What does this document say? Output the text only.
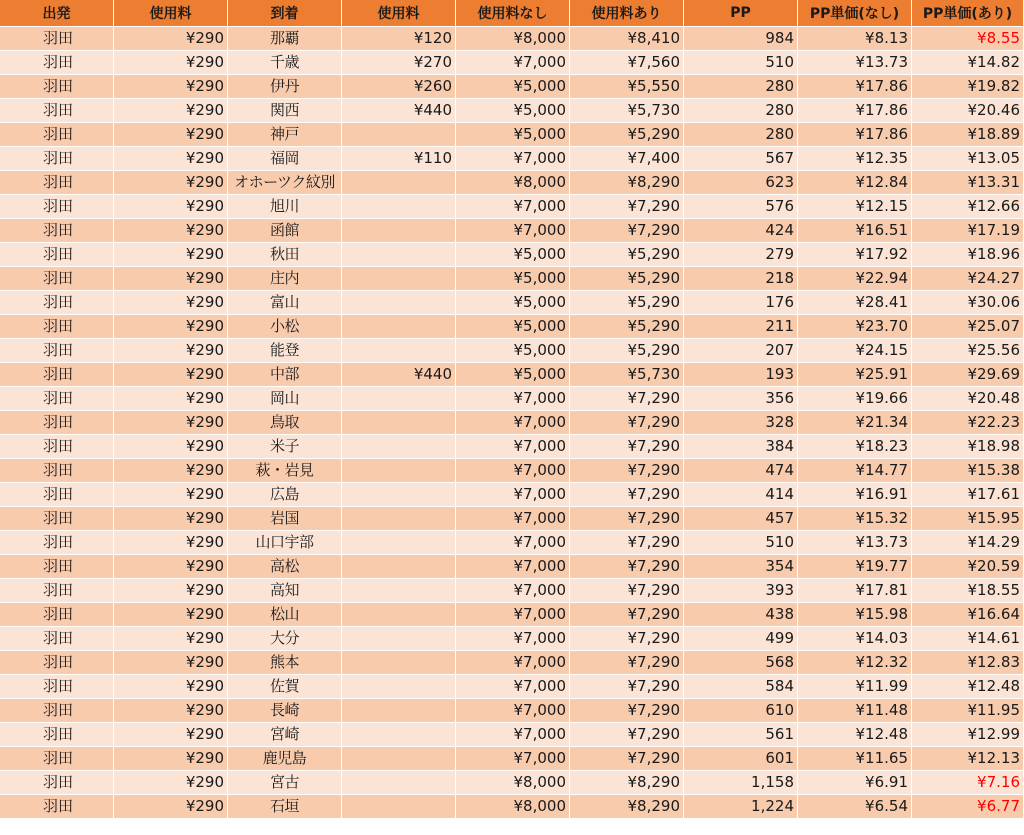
出発	使用料	到着	使用料	使用料なし	使用料あり	PP	PP単価(なし)	PP単価(あり)
羽田	¥290	那覇	¥120	¥8,000	¥8,410	984	¥8.13	¥8.55
羽田	¥290	千歳	¥270	¥7,000	¥7,560	510	¥13.73	¥14.82
羽田	¥290	伊丹	¥260	¥5,000	¥5,550	280	¥17.86	¥19.82
羽田	¥290	関西	¥440	¥5,000	¥5,730	280	¥17.86	¥20.46
羽田	¥290	神戸		¥5,000	¥5,290	280	¥17.86	¥18.89
羽田	¥290	福岡	¥110	¥7,000	¥7,400	567	¥12.35	¥13.05
羽田	¥290	オホーツク紋別		¥8,000	¥8,290	623	¥12.84	¥13.31
羽田	¥290	旭川		¥7,000	¥7,290	576	¥12.15	¥12.66
羽田	¥290	函館		¥7,000	¥7,290	424	¥16.51	¥17.19
羽田	¥290	秋田		¥5,000	¥5,290	279	¥17.92	¥18.96
羽田	¥290	庄内		¥5,000	¥5,290	218	¥22.94	¥24.27
羽田	¥290	富山		¥5,000	¥5,290	176	¥28.41	¥30.06
羽田	¥290	小松		¥5,000	¥5,290	211	¥23.70	¥25.07
羽田	¥290	能登		¥5,000	¥5,290	207	¥24.15	¥25.56
羽田	¥290	中部	¥440	¥5,000	¥5,730	193	¥25.91	¥29.69
羽田	¥290	岡山		¥7,000	¥7,290	356	¥19.66	¥20.48
羽田	¥290	鳥取		¥7,000	¥7,290	328	¥21.34	¥22.23
羽田	¥290	米子		¥7,000	¥7,290	384	¥18.23	¥18.98
羽田	¥290	萩・岩見		¥7,000	¥7,290	474	¥14.77	¥15.38
羽田	¥290	広島		¥7,000	¥7,290	414	¥16.91	¥17.61
羽田	¥290	岩国		¥7,000	¥7,290	457	¥15.32	¥15.95
羽田	¥290	山口宇部		¥7,000	¥7,290	510	¥13.73	¥14.29
羽田	¥290	高松		¥7,000	¥7,290	354	¥19.77	¥20.59
羽田	¥290	高知		¥7,000	¥7,290	393	¥17.81	¥18.55
羽田	¥290	松山		¥7,000	¥7,290	438	¥15.98	¥16.64
羽田	¥290	大分		¥7,000	¥7,290	499	¥14.03	¥14.61
羽田	¥290	熊本		¥7,000	¥7,290	568	¥12.32	¥12.83
羽田	¥290	佐賀		¥7,000	¥7,290	584	¥11.99	¥12.48
羽田	¥290	長崎		¥7,000	¥7,290	610	¥11.48	¥11.95
羽田	¥290	宮崎		¥7,000	¥7,290	561	¥12.48	¥12.99
羽田	¥290	鹿児島		¥7,000	¥7,290	601	¥11.65	¥12.13
羽田	¥290	宮古		¥8,000	¥8,290	1,158	¥6.91	¥7.16
羽田	¥290	石垣		¥8,000	¥8,290	1,224	¥6.54	¥6.77
